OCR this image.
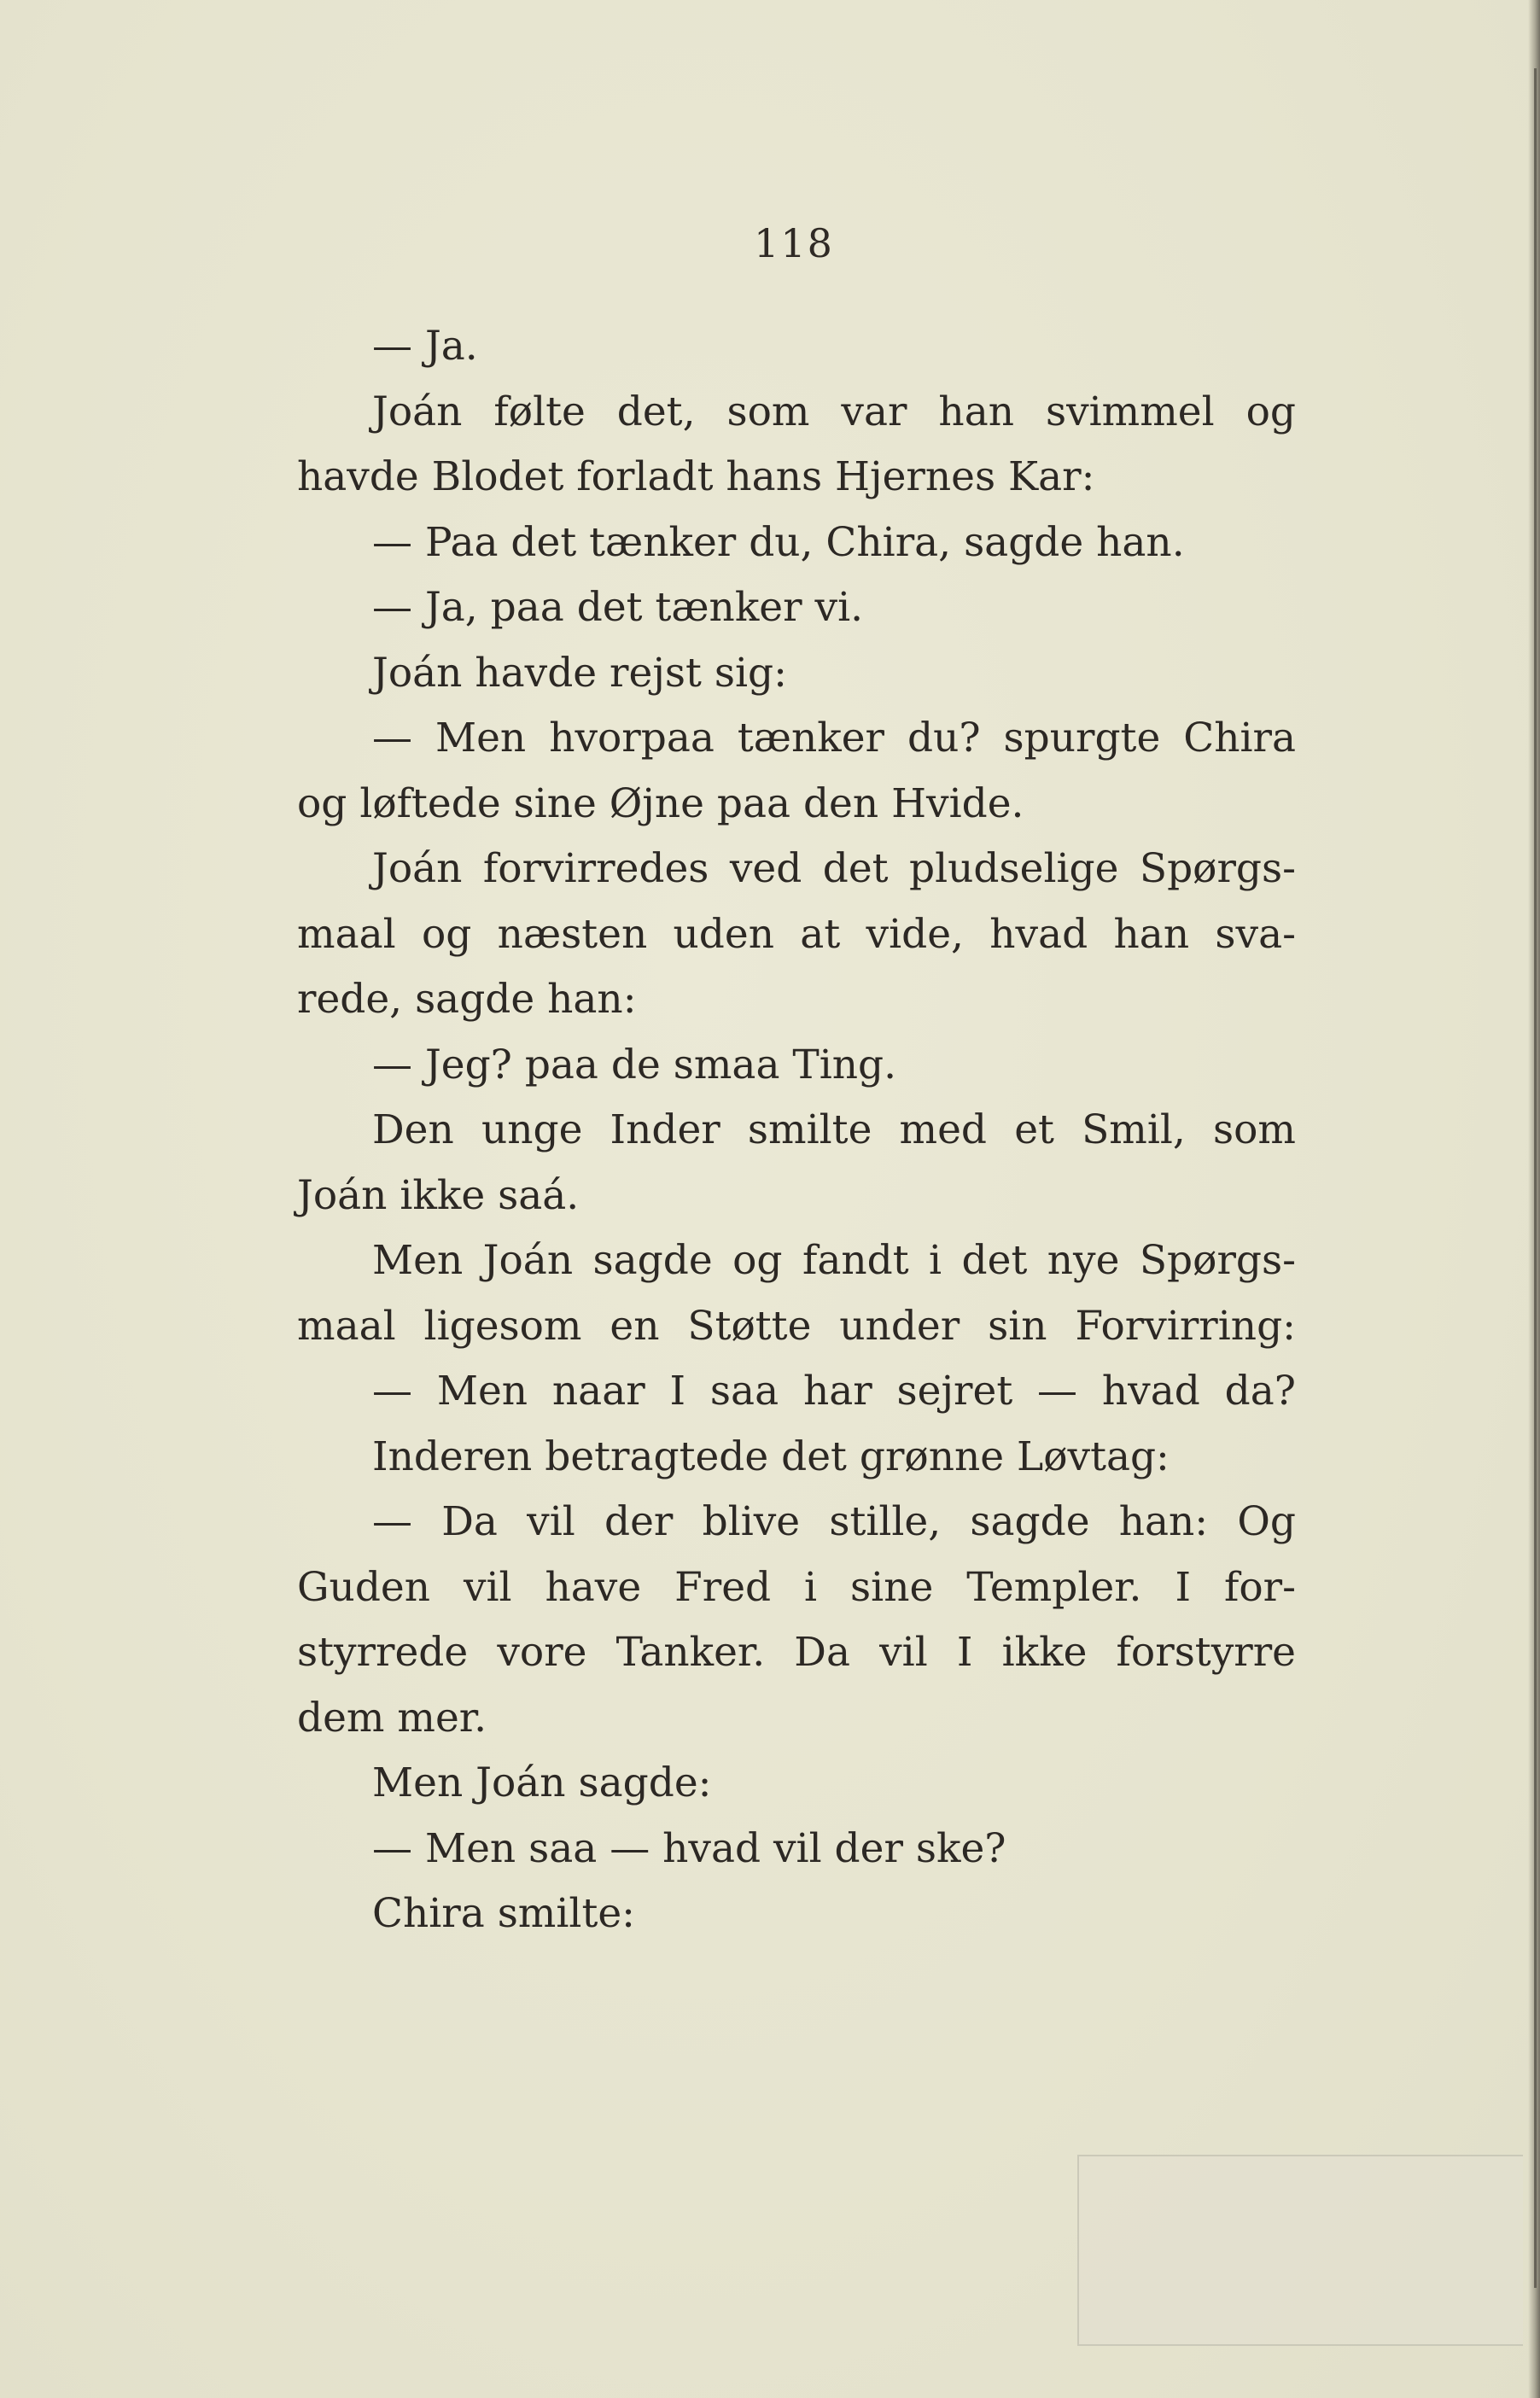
118
— Ja.
Joán følte det, som var han svimmel og
havde Blodet forladt hans Hjernes Kar:
— Paa det tænker du, Chira, sagde han.
— Ja, paa det tænker vi.
Joán havde rejst sig:
— Men hvorpaa tænker du? spurgte Chira
og løftede sine Øjne paa den Hvide.
Joán forvirredes ved det pludselige Spørgs-
maal og næsten uden at vide, hvad han sva-
rede, sagde han:
— Jeg? paa de smaa Ting.
Den unge Inder smilte med et Smil, som
Joán ikke saá.
Men Joán sagde og fandt i det nye Spørgs-
maal ligesom en Støtte under sin Forvirring:
— Men naar I saa har sejret — hvad da?
Inderen betragtede det grønne Løvtag:
— Da vil der blive stille, sagde han: Og
Guden vil have Fred i sine Templer. I for-
styrrede vore Tanker. Da vil I ikke forstyrre
dem mer.
Men Joán sagde:
— Men saa — hvad vil der ske?
Chira smilte:
